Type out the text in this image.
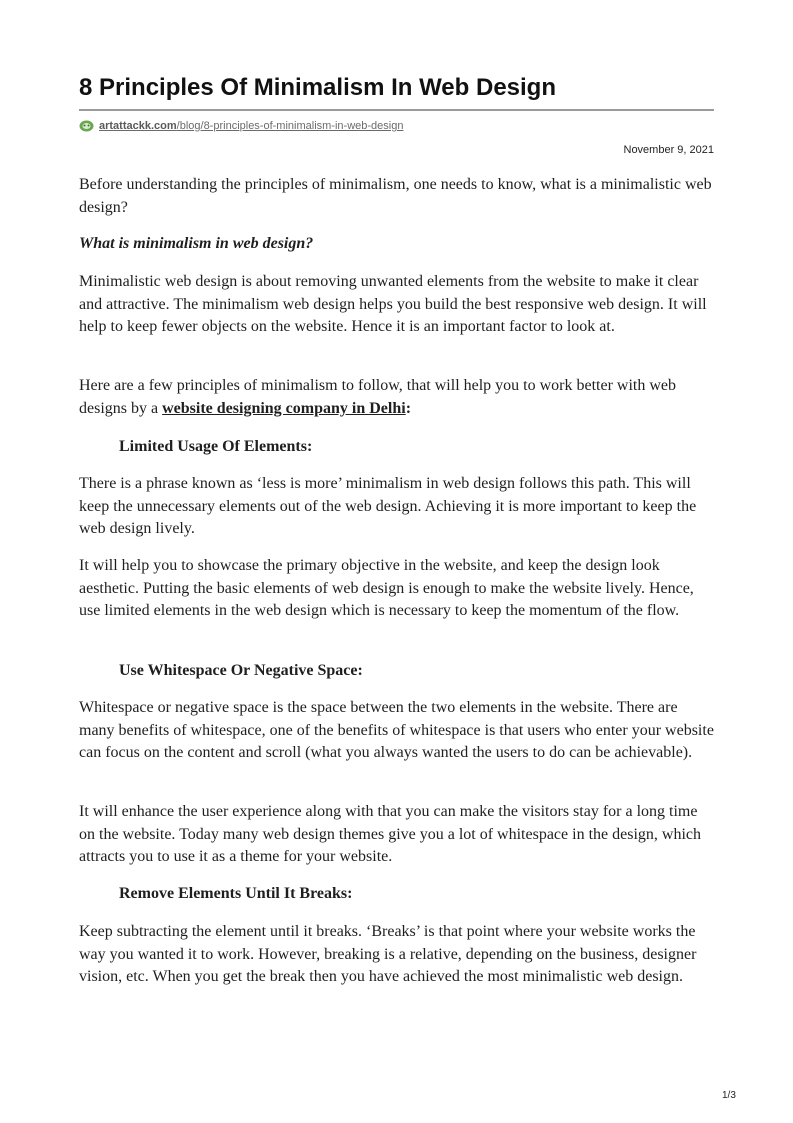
8 Principles Of Minimalism In Web Design
artattackk.com/blog/8-principles-of-minimalism-in-web-design
November 9, 2021

Before understanding the principles of minimalism, one needs to know, what is a minimalistic web design?

What is minimalism in web design?

Minimalistic web design is about removing unwanted elements from the website to make it clear and attractive. The minimalism web design helps you build the best responsive web design. It will help to keep fewer objects on the website. Hence it is an important factor to look at.

Here are a few principles of minimalism to follow, that will help you to work better with web designs by a website designing company in Delhi:

Limited Usage Of Elements:

There is a phrase known as ‘less is more’ minimalism in web design follows this path. This will keep the unnecessary elements out of the web design. Achieving it is more important to keep the web design lively.

It will help you to showcase the primary objective in the website, and keep the design look aesthetic. Putting the basic elements of web design is enough to make the website lively. Hence, use limited elements in the web design which is necessary to keep the momentum of the flow.

Use Whitespace Or Negative Space:

Whitespace or negative space is the space between the two elements in the website. There are many benefits of whitespace, one of the benefits of whitespace is that users who enter your website can focus on the content and scroll (what you always wanted the users to do can be achievable).

It will enhance the user experience along with that you can make the visitors stay for a long time on the website. Today many web design themes give you a lot of whitespace in the design, which attracts you to use it as a theme for your website.

Remove Elements Until It Breaks:

Keep subtracting the element until it breaks. ‘Breaks’ is that point where your website works the way you wanted it to work. However, breaking is a relative, depending on the business, designer vision, etc. When you get the break then you have achieved the most minimalistic web design.

1/3
